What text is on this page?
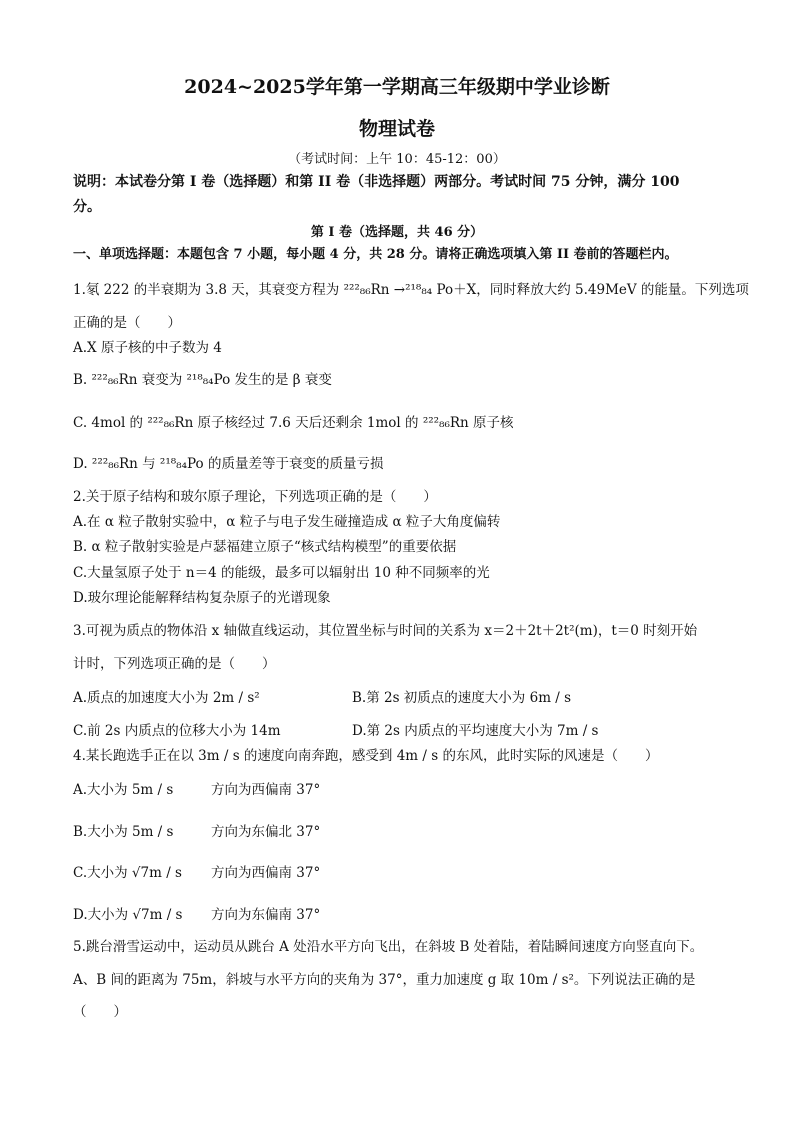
2024~2025学年第一学期高三年级期中学业诊断
物理试卷
（考试时间：上午 10：45-12：00）
说明：本试卷分第 I 卷（选择题）和第 II 卷（非选择题）两部分。考试时间 75 分钟，满分 100
分。
第 I 卷（选择题，共 46 分）
一、单项选择题：本题包含 7 小题，每小题 4 分，共 28 分。请将正确选项填入第 II 卷前的答题栏内。
1.氡 222 的半衰期为 3.8 天，其衰变方程为 ²²²₈₆Rn →²¹⁸₈₄ Po＋X，同时释放大约 5.49MeV 的能量。下列选项
正确的是（　　）
A.X 原子核的中子数为 4
B. ²²²₈₆Rn 衰变为 ²¹⁸₈₄Po 发生的是 β 衰变
C. 4mol 的 ²²²₈₆Rn 原子核经过 7.6 天后还剩余 1mol 的 ²²²₈₆Rn 原子核
D. ²²²₈₆Rn 与 ²¹⁸₈₄Po 的质量差等于衰变的质量亏损
2.关于原子结构和玻尔原子理论，下列选项正确的是（　　）
A.在 α 粒子散射实验中，α 粒子与电子发生碰撞造成 α 粒子大角度偏转
B. α 粒子散射实验是卢瑟福建立原子“核式结构模型”的重要依据
C.大量氢原子处于 n＝4 的能级，最多可以辐射出 10 种不同频率的光
D.玻尔理论能解释结构复杂原子的光谱现象
3.可视为质点的物体沿 x 轴做直线运动，其位置坐标与时间的关系为 x＝2＋2t＋2t²(m)，t＝0 时刻开始
计时，下列选项正确的是（　　）
A.质点的加速度大小为 2m / s²	B.第 2s 初质点的速度大小为 6m / s
C.前 2s 内质点的位移大小为 14m	D.第 2s 内质点的平均速度大小为 7m / s
4.某长跑选手正在以 3m / s 的速度向南奔跑，感受到 4m / s 的东风，此时实际的风速是（　　）
A.大小为 5m / s	方向为西偏南 37°
B.大小为 5m / s	方向为东偏北 37°
C.大小为 √7m / s 方向为西偏南 37°
D.大小为 √7m / s 方向为东偏南 37°
5.跳台滑雪运动中，运动员从跳台 A 处沿水平方向飞出，在斜坡 B 处着陆，着陆瞬间速度方向竖直向下。
A、B 间的距离为 75m，斜坡与水平方向的夹角为 37°，重力加速度 g 取 10m / s²。下列说法正确的是
（　　）
